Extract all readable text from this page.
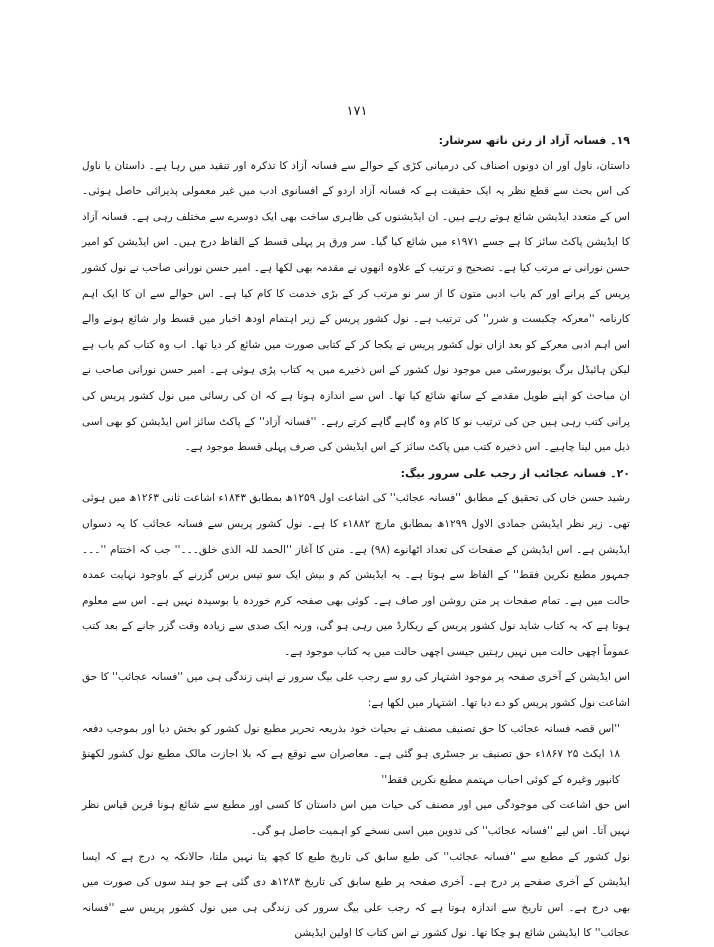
۱۷۱

۱۹۔ فسانہ آزاد از رتن ناتھ سرشار:

داستان، ناول اور ان دونوں اصناف کی درمیانی کڑی کے حوالے سے فسانہ آزاد کا تذکرہ اور تنقید میں رہا ہے۔ داستان یا ناول کی اس بحث سے قطع نظر یہ ایک حقیقت ہے کہ فسانہ آزاد اردو کے افسانوی ادب میں غیر معمولی پذیرائی حاصل ہوئی۔ اس کے متعدد ایڈیشن شائع ہوتے رہے ہیں۔ ان ایڈیشنوں کی ظاہری ساخت بھی ایک دوسرے سے مختلف رہی ہے۔ فسانہ آزاد کا ایڈیشن پاکٹ سائز کا ہے جسے ۱۹۷۱ء میں شائع کیا گیا۔ سر ورق پر پہلی قسط کے الفاظ درج ہیں۔ اس ایڈیشن کو امیر حسن نورانی نے مرتب کیا ہے۔ تصحیح و ترتیب کے علاوہ انھوں نے مقدمہ بھی لکھا ہے۔ امیر حسن نورانی صاحب نے نول کشور پریس کے پرانے اور کم یاب ادبی متون کا از سر نو مرتب کر کے بڑی خدمت کا کام کیا ہے۔ اس حوالے سے ان کا ایک اہم کارنامہ ''معرکہ چکبست و شرر'' کی ترتیب ہے۔ نول کشور پریس کے زیر اہتمام اودھ اخبار میں قسط وار شائع ہونے والے اس اہم ادبی معرکے کو بعد ازاں نول کشور پریس نے یکجا کر کے کتابی صورت میں شائع کر دیا تھا۔ اب وہ کتاب کم یاب ہے لیکن ہائیڈل برگ یونیورسٹی میں موجود نول کشور کے اس ذخیرے میں یہ کتاب پڑی ہوئی ہے۔ امیر حسن نورانی صاحب نے ان مباحث کو اپنے طویل مقدمے کے ساتھ شائع کیا تھا۔ اس سے اندازہ ہوتا ہے کہ ان کی رسائی میں نول کشور پریس کی پرانی کتب رہی ہیں جن کی ترتیب نو کا کام وہ گاہے گاہے کرتے رہے۔ ''فسانہ آزاد'' کے پاکٹ سائز اس ایڈیشن کو بھی اسی ذیل میں لینا چاہیے۔ اس ذخیرہ کتب میں پاکٹ سائز کے اس ایڈیشن کی صرف پہلی قسط موجود ہے۔

۲۰۔ فسانہ عجائب از رجب علی سرور بیگ:

رشید حسن خاں کی تحقیق کے مطابق ''فسانہ عجائب'' کی اشاعت اول ۱۲۵۹ھ بمطابق ۱۸۴۳ء اشاعت ثانی ۱۲۶۳ھ میں ہوئی تھی۔ زیر نظر ایڈیشن جمادی الاول ۱۲۹۹ھ بمطابق مارچ ۱۸۸۲ء کا ہے۔ نول کشور پریس سے فسانہ عجائب کا یہ دسواں ایڈیشن ہے۔ اس ایڈیشن کے صفحات کی تعداد اٹھانوے (۹۸) ہے۔ متن کا آغاز ''الحمد للہ الذی خلق۔۔۔'' جب کہ اختتام ''۔۔۔ جمہور مطبع نکرین فقط'' کے الفاظ سے ہوتا ہے۔ یہ ایڈیشن کم و بیش ایک سو تیس برس گزرنے کے باوجود نہایت عمدہ حالت میں ہے۔ تمام صفحات پر متن روشن اور صاف ہے۔ کوئی بھی صفحہ کرم خوردہ یا بوسیدہ نہیں ہے۔ اس سے معلوم ہوتا ہے کہ یہ کتاب شاید نول کشور پریس کے ریکارڈ میں رہی ہو گی، ورنہ ایک صدی سے زیادہ وقت گزر جانے کے بعد کتب عموماً اچھی حالت میں نہیں رہتیں جیسی اچھی حالت میں یہ کتاب موجود ہے۔

اس ایڈیشن کے آخری صفحہ پر موجود اشتہار کی رو سے رجب علی بیگ سرور نے اپنی زندگی ہی میں ''فسانہ عجائب'' کا حق اشاعت نول کشور پریس کو دے دیا تھا۔ اشتہار میں لکھا ہے:

''اس قصہ فسانہ عجائب کا حق تصنیف مصنف نے بحیات خود بذریعہ تحریر مطبع نول کشور کو بخش دیا اور بموجب دفعہ ۱۸ ایکٹ ۲۵ ۱۸۶۷ء حق تصنیف بر جسٹری ہو گئی ہے۔ معاصران سے توقع ہے کہ بلا اجازت مالک مطبع نول کشور لکھنؤ کانپور وغیرہ کے کوئی احباب مہتمم مطبع نکرین فقط''

اس حق اشاعت کی موجودگی میں اور مصنف کی حیات میں اس داستان کا کسی اور مطبع سے شائع ہونا قرین قیاس نظر نہیں آتا۔ اس لیے ''فسانہ عجائب'' کی تدوین میں اسی نسخے کو اہمیت حاصل ہو گی۔

نول کشور کے مطبع سے ''فسانہ عجائب'' کی طبع سابق کی تاریخ طبع کا کچھ پتا نہیں ملتا، حالانکہ یہ درج ہے کہ ایسا ایڈیشن کے آخری صفحے پر درج ہے۔ آخری صفحہ پر طبع سابق کی تاریخ ۱۲۸۳ھ دی گئی ہے جو ہند سوں کی صورت میں بھی درج ہے۔ اس تاریخ سے اندازہ ہوتا ہے کہ رجب علی بیگ سرور کی زندگی ہی میں نول کشور پریس سے ''فسانہ عجائب'' کا ایڈیشن شائع ہو چکا تھا۔ نول کشور نے اس کتاب کا اولین ایڈیشن
